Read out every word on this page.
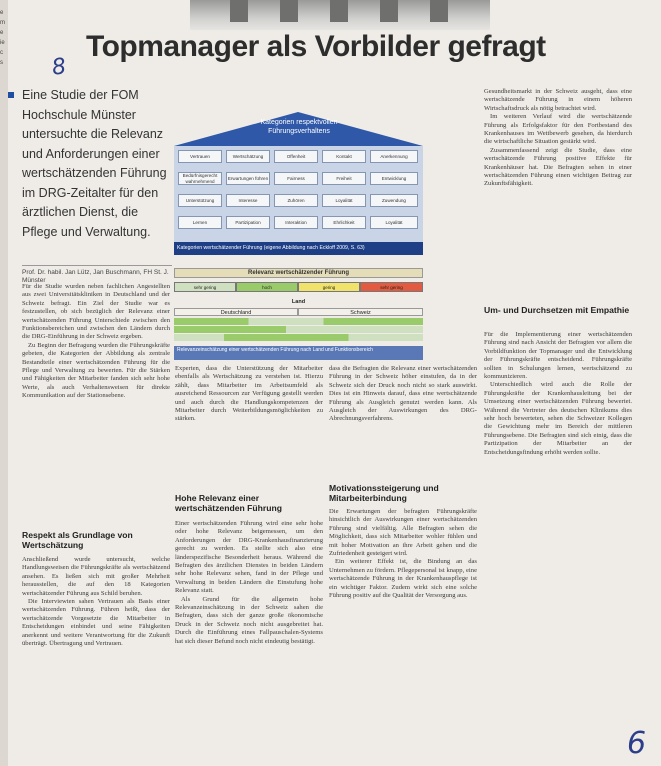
e
m
e
ie
c
s	Topmanager als Vorbilder gefragt
8
Eine Studie der FOM Hochschule Münster untersuchte die Relevanz und Anforderungen einer wertschätzenden Führung im DRG-Zeitalter für den ärztlichen Dienst, die Pflege und Verwaltung.
Prof. Dr. habil. Jan Lütz, Jan Buschmann, FH St. J. Münster
Kategorien respektvollen Führungsverhaltens
Vertrauen	Wertschätzung	Offenheit	Kontakt	Anerkennung
Bedürfnisgerecht wahrnehmend
Erwartungen führen	Fairness	Freiheit	Entwicklung
Unterstützung	Interesse	Zuhören	Loyalität	Zuwendung
Lernen	Partizipation	Interaktion	Ehrlichkeit	Loyalität
Kategorien wertschätzender Führung (eigene Abbildung nach Eckloff 2009, S. 63)
Relevanz wertschätzender Führung
sehr gering	hoch	gering	sehr gering
Land
Deutschland	Schweiz
Relevanzeinschätzung einer wertschätzenden Führung nach Land und Funktionsbereich

Für die Studie wurden neben fachlichen Angestellten aus zwei Universitätskliniken in Deutschland und der Schweiz befragt. Ein Ziel der Studie war es festzustellen, ob sich bezüglich der Relevanz einer wertschätzenden Führung Unterschiede zwischen den Funktionsbereichen und zwischen den Ländern durch die DRG-Einführung in der Schweiz ergeben.

Zu Beginn der Befragung wurden die Führungskräfte gebeten, die Kategorien der Abbildung als zentrale Bestandteile einer wertschätzenden Führung für die Pflege und Verwaltung zu bewerten. Für die Stärken und Fähigkeiten der Mitarbeiter fanden sich sehr hohe Werte, als auch Verhaltensweisen für direkte Kommunikation auf der Stationsebene.

Respekt als Grundlage von Wertschätzung

Anschließend wurde untersucht, welche Handlungsweisen die Führungskräfte als wertschätzend ansehen. Es ließen sich mit großer Mehrheit herausstellen, die auf den 18 Kategorien wertschätzender Führung aus Schild beruhen.

Die Interviewten sahen Vertrauen als Basis einer wertschätzenden Führung. Führen heißt, dass der wertschätzende Vorgesetzte die Mitarbeiter in Entscheidungen einbindet und seine Fähigkeiten anerkennt und weitere Verantwortung für die Zukunft überträgt. Übertragung und Vertrauen.

Experten, dass die Unterstützung der Mitarbeiter ebenfalls als Wertschätzung zu verstehen ist. Hierzu zählt, dass Mitarbeiter im Arbeitsumfeld als ausreichend Ressourcen zur Verfügung gestellt werden und auch durch die Handlungskompetenzen der Mitarbeiter durch Weiterbildungsmöglichkeiten zu stärken.

Hohe Relevanz einer wertschätzenden Führung

Einer wertschätzenden Führung wird eine sehr hohe oder hohe Relevanz beigemessen, um den Anforderungen der DRG-Krankenhausfinanzierung gerecht zu werden. Es stellte sich also eine länderspezifische Besonderheit heraus. Während die Befragten des ärztlichen Dienstes in beiden Ländern sehr hohe Relevanz sehen, fand in der Pflege und Verwaltung in beiden Ländern die Einstufung hohe Relevanz statt.

Als Grund für die allgemein hohe Relevanzeinschätzung in der Schweiz sahen die Befragten, dass sich der ganze große ökonomische Druck in der Schweiz noch nicht ausgebreitet hat. Durch die Einführung eines Fallpauschalen-Systems hat sich dieser Befund noch nicht eindeutig bestätigt.

dass die Befragten die Relevanz einer wertschätzenden Führung in der Schweiz höher einstufen, da in der Schweiz sich der Druck noch nicht so stark auswirkt. Dies ist ein Hinweis darauf, dass eine wertschätzende Führung als Ausgleich genutzt werden kann. Als Ausgleich der Auswirkungen des DRG-Abrechnungsverfahrens.

Motivationssteigerung und Mitarbeiterbindung

Die Erwartungen der befragten Führungskräfte hinsichtlich der Auswirkungen einer wertschätzenden Führung sind vielfältig. Alle Befragten sehen die Möglichkeit, dass sich Mitarbeiter wohler fühlen und mit hoher Motivation an ihre Arbeit gehen und die Zufriedenheit gesteigert wird.

Ein weiterer Effekt ist, die Bindung an das Unternehmen zu fördern. Pflegepersonal ist knapp, eine wertschätzende Führung in der Krankenhauspflege ist ein wichtiger Faktor. Zudem wirkt sich eine solche Führung positiv auf die Qualität der Versorgung aus.

Gesundheitsmarkt in der Schweiz ausgeht, dass eine wertschätzende Führung in einem höheren Wirtschaftsdruck als nötig betrachtet wird.

Im weiteren Verlauf wird die wertschätzende Führung als Erfolgsfaktor für den Fortbestand des Krankenhauses im Wettbewerb gesehen, da hierdurch die wirtschaftliche Situation gestärkt wird.

Zusammenfassend zeigt die Studie, dass eine wertschätzende Führung positive Effekte für Krankenhäuser hat. Die Befragten sehen in einer wertschätzenden Führung einen wichtigen Beitrag zur Zukunftsfähigkeit.

Um- und Durchsetzen mit Empathie

Für die Implementierung einer wertschätzenden Führung sind nach Ansicht der Befragten vor allem die Vorbildfunktion der Topmanager und die Entwicklung der Führungskräfte entscheidend. Führungskräfte sollten in Schulungen lernen, wertschätzend zu kommunizieren.

Unterschiedlich wird auch die Rolle der Führungskräfte der Krankenhausleitung bei der Umsetzung einer wertschätzenden Führung bewertet. Während die Vertreter des deutschen Klinikums dies sehr hoch bewerteten, sehen die Schweizer Kollegen die Gewichtung mehr im Bereich der mittleren Führungsebene. Die Befragten sind sich einig, dass die Partizipation der Mitarbeiter an der Entscheidungsfindung erhöht werden sollte.

6
